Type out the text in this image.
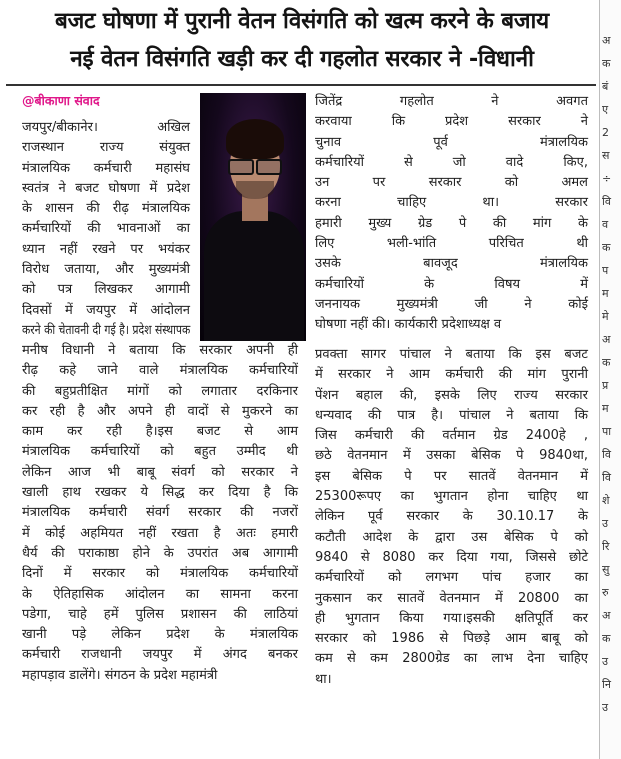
बजट घोषणा में पुरानी वेतन विसंगति को खत्म करने के बजाय
नई वेतन विसंगति खड़ी कर दी गहलोत सरकार ने -विधानी
@बीकाणा संवाद
जयपुर/बीकानेर। अखिल
राजस्थान राज्य संयुक्त
मंत्रालयिक कर्मचारी महासंघ
स्वतंत्र ने बजट घोषणा में प्रदेश
के शासन की रीढ़ मंत्रालयिक
कर्मचारियों की भावनाओं का
ध्यान नहीं रखने पर भयंकर
विरोध जताया, और मुख्यमंत्री
को पत्र लिखकर आगामी
दिवसों में जयपुर में आंदोलन
करने की चेतावनी दी गई है। प्रदेश संस्थापक
मनीष विधानी ने बताया कि सरकार अपनी ही
रीढ़ कहे जाने वाले मंत्रालयिक कर्मचारियों
की बहुप्रतीक्षित मांगों को लगातार दरकिनार
कर रही है और अपने ही वादों से मुकरने का
काम कर रही है।इस बजट से आम
मंत्रालयिक कर्मचारियों को बहुत उम्मीद थी
लेकिन आज भी बाबू संवर्ग को सरकार ने
खाली हाथ रखकर ये सिद्ध कर दिया है कि
मंत्रालयिक कर्मचारी संवर्ग सरकार की नजरों
में कोई अहमियत नहीं रखता है अतः हमारी
धैर्य की पराकाष्ठा होने के उपरांत अब आगामी
दिनों में सरकार को मंत्रालयिक कर्मचारियों
के ऐतिहासिक आंदोलन का सामना करना
पडेगा, चाहे हमें पुलिस प्रशासन की लाठियां
खानी पड़े लेकिन प्रदेश के मंत्रालयिक
कर्मचारी राजधानी जयपुर में अंगद बनकर
महापड़ाव डालेंगे। संगठन के प्रदेश महामंत्री
जितेंद्र गहलोत ने अवगत
करवाया कि प्रदेश सरकार ने
चुनाव पूर्व मंत्रालयिक
कर्मचारियों से जो वादे किए,
उन पर सरकार को अमल
करना चाहिए था। सरकार
हमारी मुख्य ग्रेड पे की मांग के
लिए भली-भांति परिचित थी
उसके बावजूद मंत्रालयिक
कर्मचारियों के विषय में
जननायक मुख्यमंत्री जी ने कोई
घोषणा नहीं की। कार्यकारी प्रदेशाध्यक्ष व
प्रवक्ता सागर पांचाल ने बताया कि इस बजट
में सरकार ने आम कर्मचारी की मांग पुरानी
पेंशन बहाल की, इसके लिए राज्य सरकार
धन्यवाद की पात्र है। पांचाल ने बताया कि
जिस कर्मचारी की वर्तमान ग्रेड 2400हे ,
छठे वेतनमान में उसका बेसिक पे 9840था,
इस बेसिक पे पर सातवें वेतनमान में
25300रूपए का भुगतान होना चाहिए था
लेकिन पूर्व सरकार के 30.10.17 के
कटौती आदेश के द्वारा उस बेसिक पे को
9840 से 8080 कर दिया गया, जिससे छोटे
कर्मचारियों को लगभग पांच हजार का
नुकसान कर सातवें वेतनमान में 20800 का
ही भुगतान किया गया।इसकी क्षतिपूर्ति कर
सरकार को 1986 से पिछड़े आम बाबू को
कम से कम 2800ग्रेड का लाभ देना चाहिए
था।
अ
क
बं
ए
2
स
÷
वि
व
क
प
म
मे
अ
क
प्र
म
पा
वि
वि
शे
उ
रि
सु
रु
अ
क
उ
नि
उ
